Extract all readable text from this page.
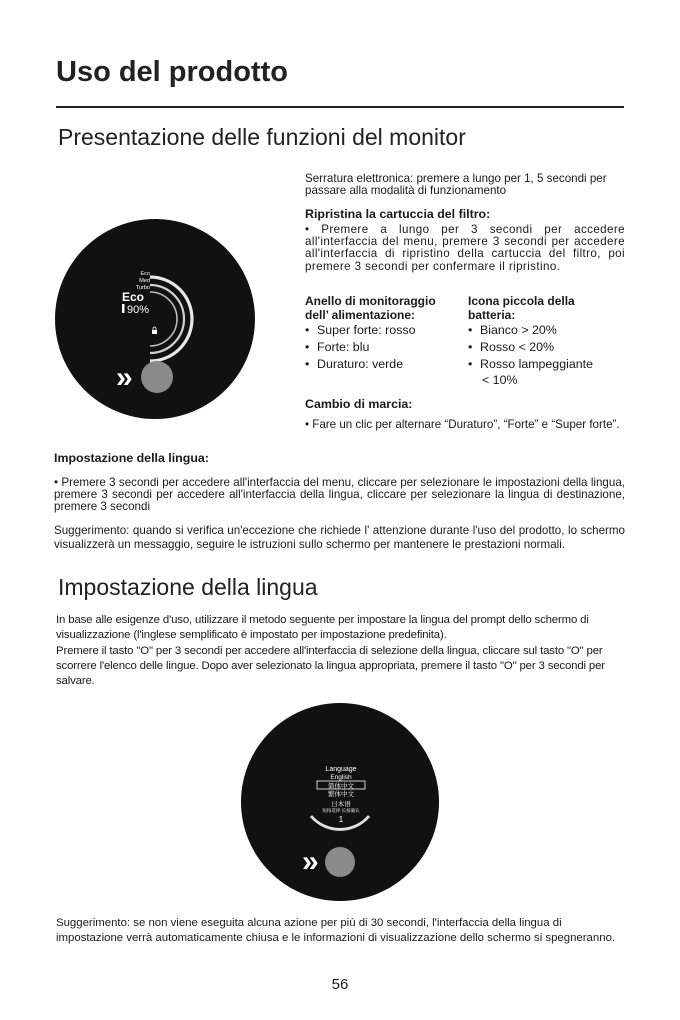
Uso del prodotto
Presentazione delle funzioni del monitor
Eco
Med
Turbo
Eco
90%
»
Serratura elettronica: premere a lungo per 1, 5 secondi per passare alla modalità di funzionamento
Ripristina la cartuccia del filtro:
• Premere a lungo per 3 secondi per accedere all'interfaccia del menu, premere 3 secondi per accedere all'interfaccia di ripristino della cartuccia del filtro, poi premere 3 secondi per confermare il ripristino.
Anello di monitoraggio
dell’ alimentazione:
• Super forte: rosso
• Forte: blu
• Duraturo: verde
Icona piccola della
batteria:
• Bianco > 20%
• Rosso < 20%
• Rosso lampeggiante
< 10%
Cambio di marcia:
• Fare un clic per alternare “Duraturo”, “Forte” e “Super forte”.
Impostazione della lingua:
• Premere 3 secondi per accedere all'interfaccia del menu, cliccare per selezionare le impostazioni della lingua, premere 3 secondi per accedere all'interfaccia della lingua, cliccare per selezionare la lingua di destinazione, premere 3 secondi
Suggerimento: quando si verifica un'eccezione che richiede l' attenzione durante l'uso del prodotto, lo schermo visualizzerà un messaggio, seguire le istruzioni sullo schermo per mantenere le prestazioni normali.
Impostazione della lingua

In base alle esigenze d'uso, utilizzare il metodo seguente per impostare la lingua del prompt dello schermo di visualizzazione (l'inglese semplificato è impostato per impostazione predefinita).

Premere il tasto "O" per 3 secondi per accedere all'interfaccia di selezione della lingua, cliccare sul tasto "O" per scorrere l'elenco delle lingue. Dopo aver selezionato la lingua appropriata, premere il tasto "O" per 3 secondi per salvare.

Language
English
简体中文
繁体中文
日本语
短按选择 长按确认
1
»
Suggerimento: se non viene eseguita alcuna azione per più di 30 secondi, l'interfaccia della lingua di impostazione verrà automaticamente chiusa e le informazioni di visualizzazione dello schermo si spegneranno.
56
